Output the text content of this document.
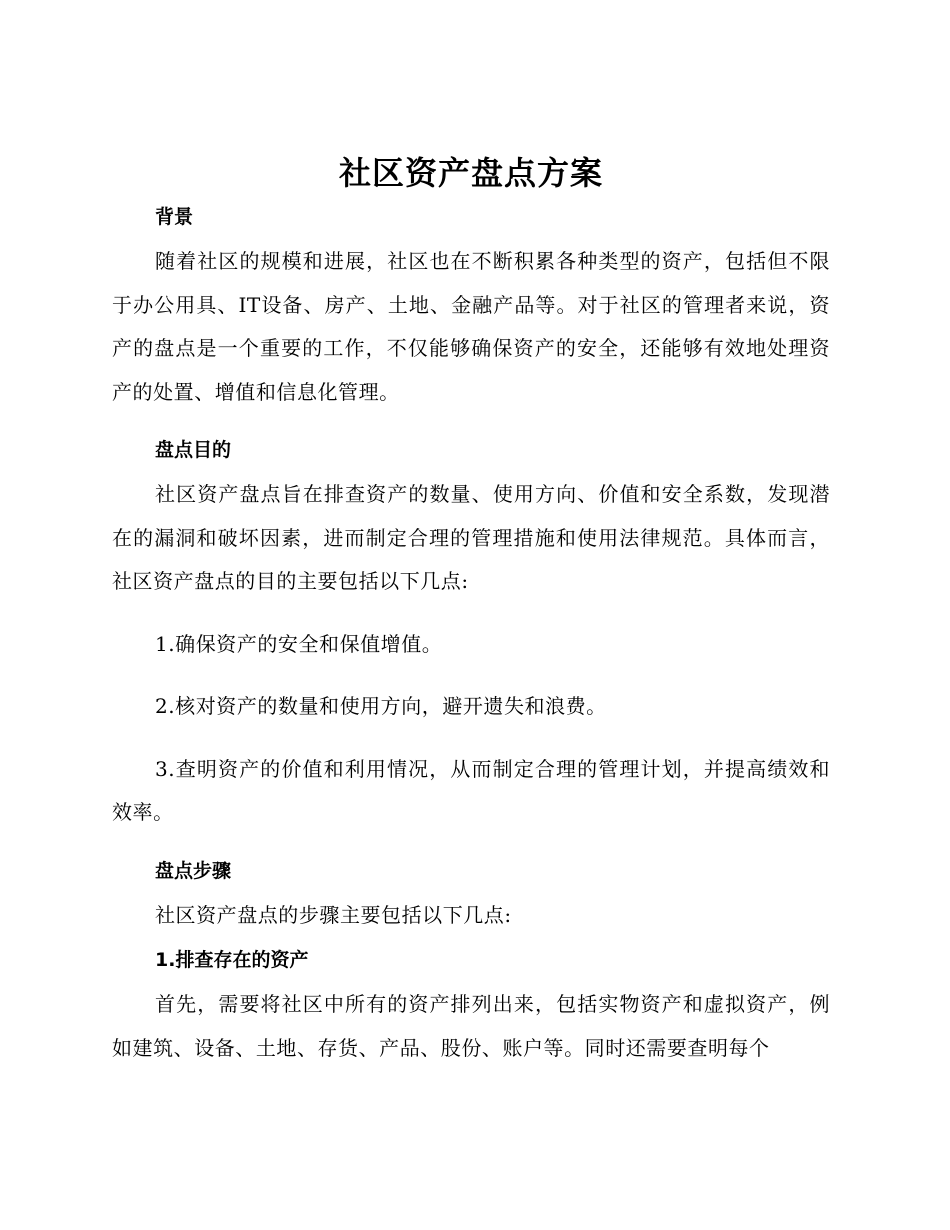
社区资产盘点方案
背景

随着社区的规模和进展，社区也在不断积累各种类型的资产，包括但不限于办公用具、IT设备、房产、土地、金融产品等。对于社区的管理者来说，资产的盘点是一个重要的工作，不仅能够确保资产的安全，还能够有效地处理资产的处置、增值和信息化管理。

盘点目的

社区资产盘点旨在排查资产的数量、使用方向、价值和安全系数，发现潜在的漏洞和破坏因素，进而制定合理的管理措施和使用法律规范。具体而言，社区资产盘点的目的主要包括以下几点:

1.确保资产的安全和保值增值。

2.核对资产的数量和使用方向，避开遗失和浪费。

3.查明资产的价值和利用情况，从而制定合理的管理计划，并提高绩效和效率。

盘点步骤

社区资产盘点的步骤主要包括以下几点:

1.排查存在的资产

首先，需要将社区中所有的资产排列出来，包括实物资产和虚拟资产，例如建筑、设备、土地、存货、产品、股份、账户等。同时还需要查明每个
